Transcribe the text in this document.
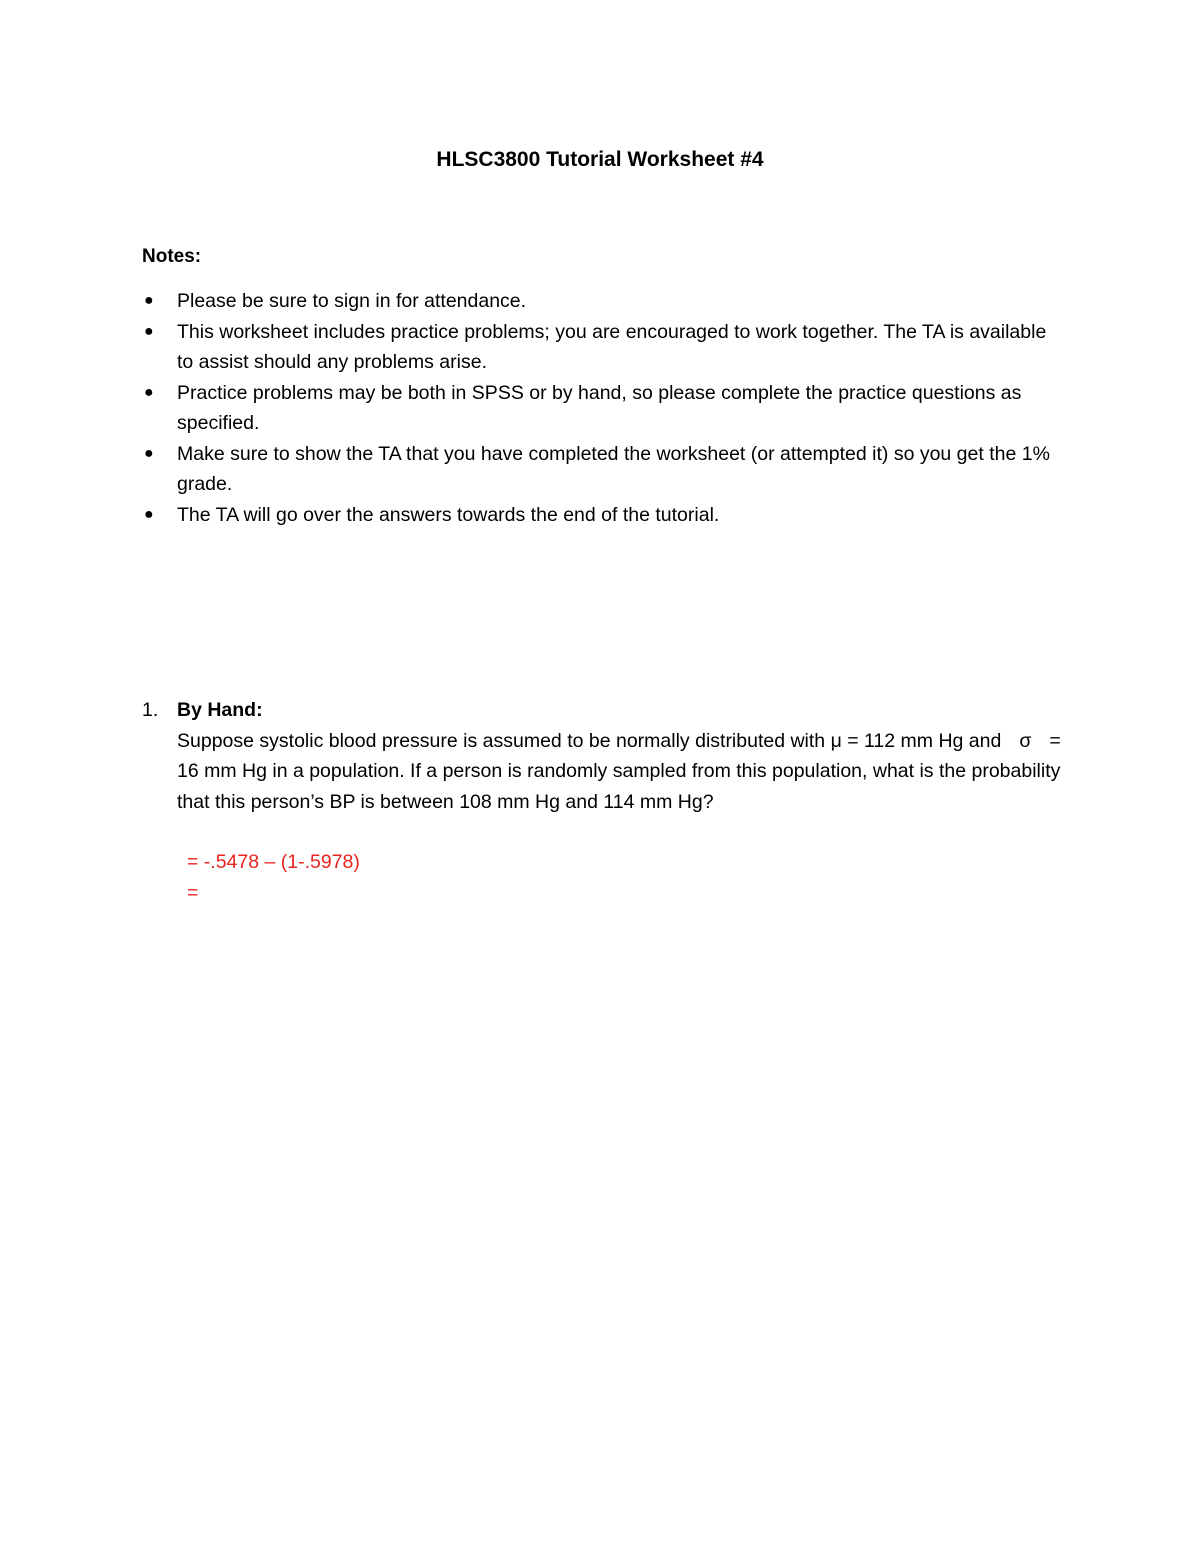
HLSC3800 Tutorial Worksheet #4
Notes:
● Please be sure to sign in for attendance.
● This worksheet includes practice problems; you are encouraged to work together. The TA is available to assist should any problems arise.
● Practice problems may be both in SPSS or by hand, so please complete the practice questions as specified.
● Make sure to show the TA that you have completed the worksheet (or attempted it) so you get the 1% grade.
● The TA will go over the answers towards the end of the tutorial.
1. By Hand:
Suppose systolic blood pressure is assumed to be normally distributed with μ = 112 mm Hg and σ = 16 mm Hg in a population. If a person is randomly sampled from this population, what is the probability that this person’s BP is between 108 mm Hg and 114 mm Hg?
= -.5478 – (1-.5978)
=
